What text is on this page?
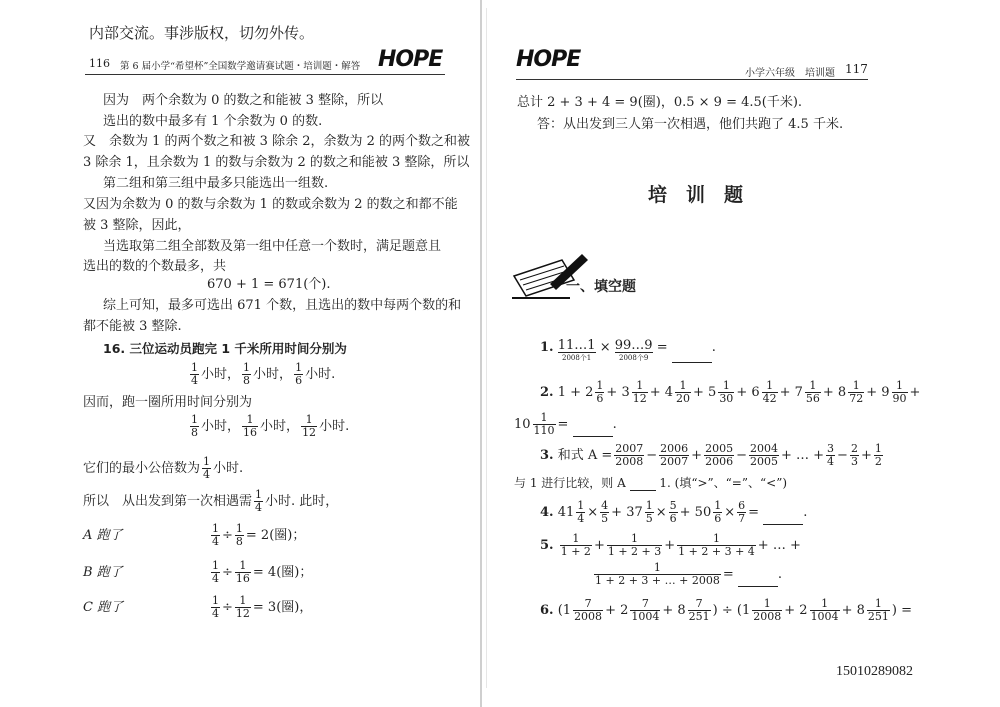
内部交流。事涉版权，切勿外传。
116 第 6 届小学“希望杯”全国数学邀请赛试题・培训题・解答 HOPE
因为　两个余数为 0 的数之和能被 3 整除，所以
选出的数中最多有 1 个余数为 0 的数.
又　余数为 1 的两个数之和被 3 除余 2，余数为 2 的两个数之和被
3 除余 1，且余数为 1 的数与余数为 2 的数之和能被 3 整除，所以
第二组和第三组中最多只能选出一组数.
又因为余数为 0 的数与余数为 1 的数或余数为 2 的数之和都不能
被 3 整除，因此，
当选取第二组全部数及第一组中任意一个数时，满足题意且
选出的数的个数最多，共
670 + 1 = 671(个).
综上可知，最多可选出 671 个数，且选出的数中每两个数的和
都不能被 3 整除.
16. 三位运动员跑完 1 千米所用时间分别为
$\frac{1}{4}$ 小时， $\frac{1}{8}$ 小时， $\frac{1}{6}$ 小时.
因而，跑一圈所用时间分别为
$\frac{1}{8}$ 小时， $\frac{1}{16}$ 小时， $\frac{1}{12}$ 小时.
它们的最小公倍数为 $\frac{1}{4}$ 小时.
所以　从出发到第一次相遇需 $\frac{1}{4}$ 小时. 此时，
A 跑了	$\frac{1}{4} \div \frac{1}{8} = 2$(圈)；
B 跑了	$\frac{1}{4} \div \frac{1}{16} = 4$(圈)；
C 跑了	$\frac{1}{4} \div \frac{1}{12} = 3$(圈)，
HOPE
小学六年级　培训题 117
总计 2 + 3 + 4 = 9(圈)，0.5 × 9 = 4.5(千米).
答：从出发到三人第一次相遇，他们共跑了 4.5 千米.
培　训　题
一、填空题
1. 11…1
2008个1
× 99…9
2008个9
=	.
2. $1 + 2 \frac{1}{6} + 3 \frac{1}{12} + 4 \frac{1}{20} + 5 \frac{1}{30} + 6 \frac{1}{42} + 7 \frac{1}{56} + 8 \frac{1}{72} + 9 \frac{1}{90}$ +
$10 \frac{1}{110}$ =	.
3. 和式 $A = \frac{2007}{2008} - \frac{2006}{2007} + \frac{2005}{2006} - \frac{2004}{2005}$ + … + $\frac{3}{4} - \frac{2}{3} + \frac{1}{2}$
与 1 进行比较，则 A	1. (填“>”、“=”、“<”)
4. $41 \frac{1}{4} \times \frac{4}{5} + 37 \frac{1}{5} \times \frac{5}{6} + 50 \frac{1}{6} \times \frac{6}{7}$ =	.
5. $\frac{1}{1 + 2} + \frac{1}{1 + 2 + 3} + \frac{1}{1 + 2 + 3 + 4}$ + … +
$\frac{1}{1 + 2 + 3 + \dots + 2008}$ =	.
6. ($1 \frac{7}{2008} + 2 \frac{7}{1004} + 8 \frac{7}{251}$ ) ÷ ($1 \frac{1}{2008} + 2 \frac{1}{1004} + 8 \frac{1}{251}$ ) =
15010289082
